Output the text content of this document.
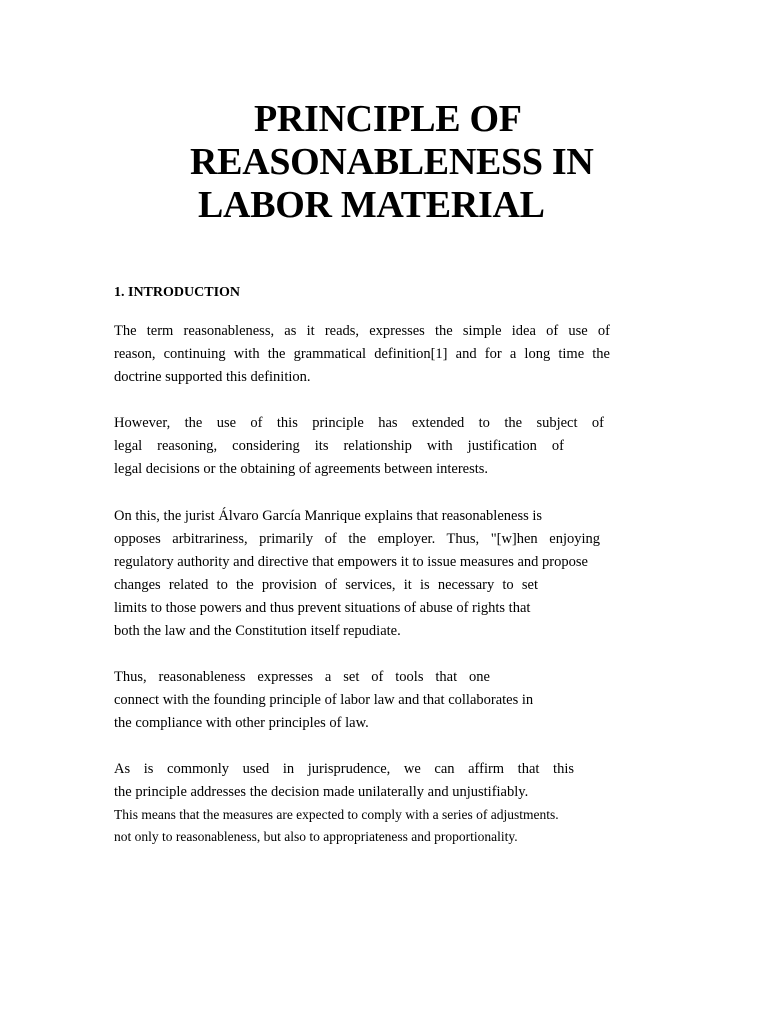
PRINCIPLE OF
REASONABLENESS IN
LABOR MATERIAL
1. INTRODUCTION
The term reasonableness, as it reads, expresses the simple idea of use of
reason, continuing with the grammatical definition[1] and for a long time the
doctrine supported this definition.
However, the use of this principle has extended to the subject of
legal reasoning, considering its relationship with justification of
legal decisions or the obtaining of agreements between interests.
On this, the jurist Álvaro García Manrique explains that reasonableness is
opposes arbitrariness, primarily of the employer. Thus, "[w]hen enjoying
regulatory authority and directive that empowers it to issue measures and propose
changes related to the provision of services, it is necessary to set
limits to those powers and thus prevent situations of abuse of rights that
both the law and the Constitution itself repudiate.
Thus, reasonableness expresses a set of tools that one
connect with the founding principle of labor law and that collaborates in
the compliance with other principles of law.
As is commonly used in jurisprudence, we can affirm that this
the principle addresses the decision made unilaterally and unjustifiably.
This means that the measures are expected to comply with a series of adjustments.
not only to reasonableness, but also to appropriateness and proportionality.
